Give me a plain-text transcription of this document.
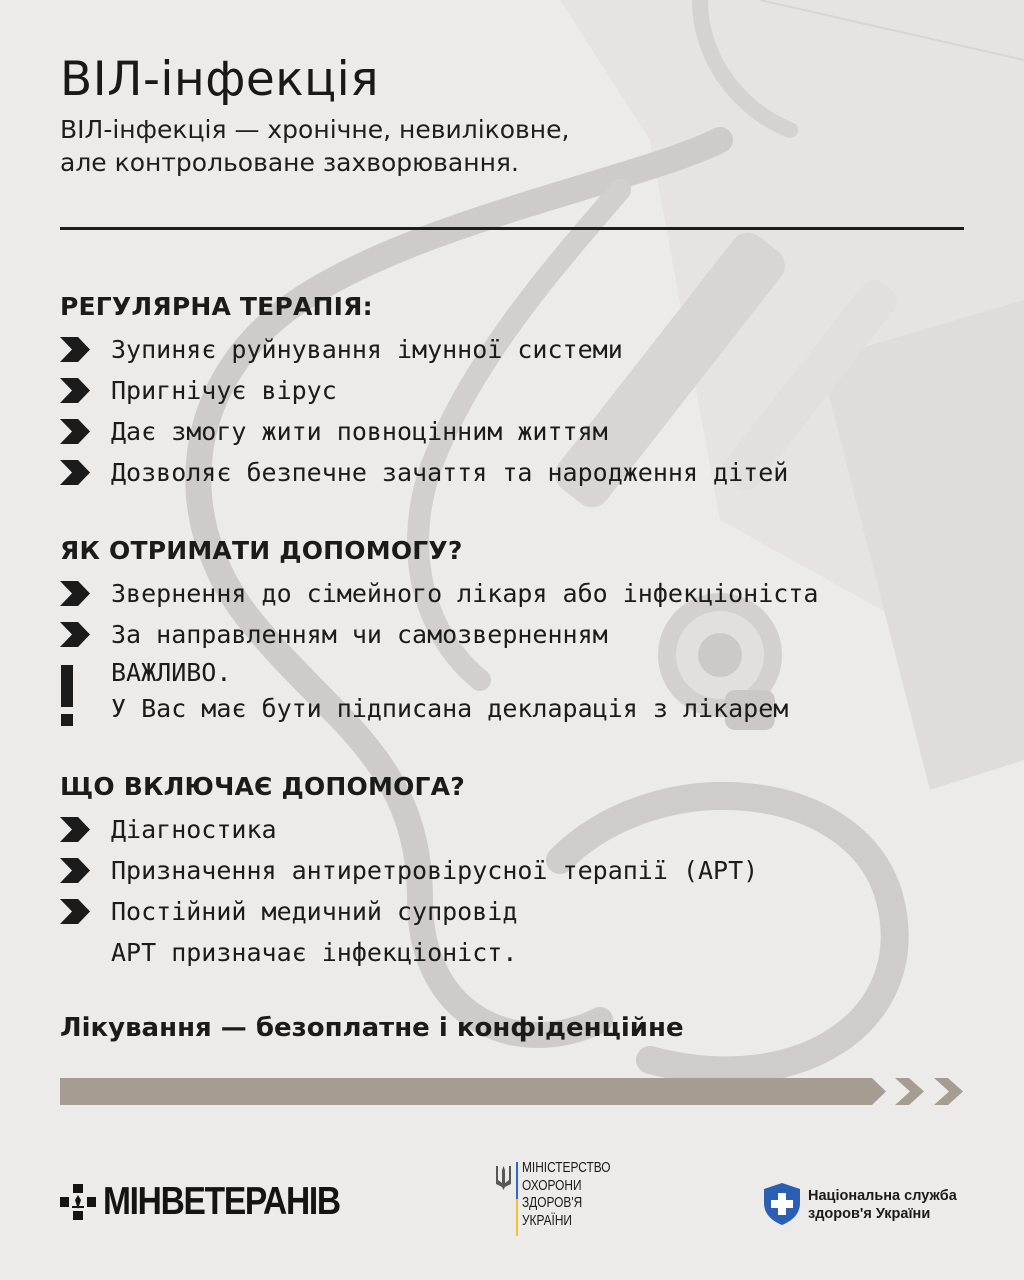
ВІЛ-інфекція
ВІЛ-інфекція — хронічне, невиліковне,
але контрольоване захворювання.
РЕГУЛЯРНА ТЕРАПІЯ:
Зупиняє руйнування імунної системи
Пригнічує вірус
Дає змогу жити повноцінним життям
Дозволяє безпечне зачаття та народження дітей
ЯК ОТРИМАТИ ДОПОМОГУ?
Звернення до сімейного лікаря або інфекціоніста
За направленням чи самозверненням
ВАЖЛИВО.
У Вас має бути підписана декларація з лікарем
ЩО ВКЛЮЧАЄ ДОПОМОГА?
Діагностика
Призначення антиретровірусної терапії (АРТ)
Постійний медичний супровід
АРТ призначає інфекціоніст.
Лікування — безоплатне і конфіденційне
МІНВЕТЕРАНІВ
МІНІСТЕРСТВО
ОХОРОНИ
ЗДОРОВ'Я
УКРАЇНИ
Національна служба
здоров'я України
